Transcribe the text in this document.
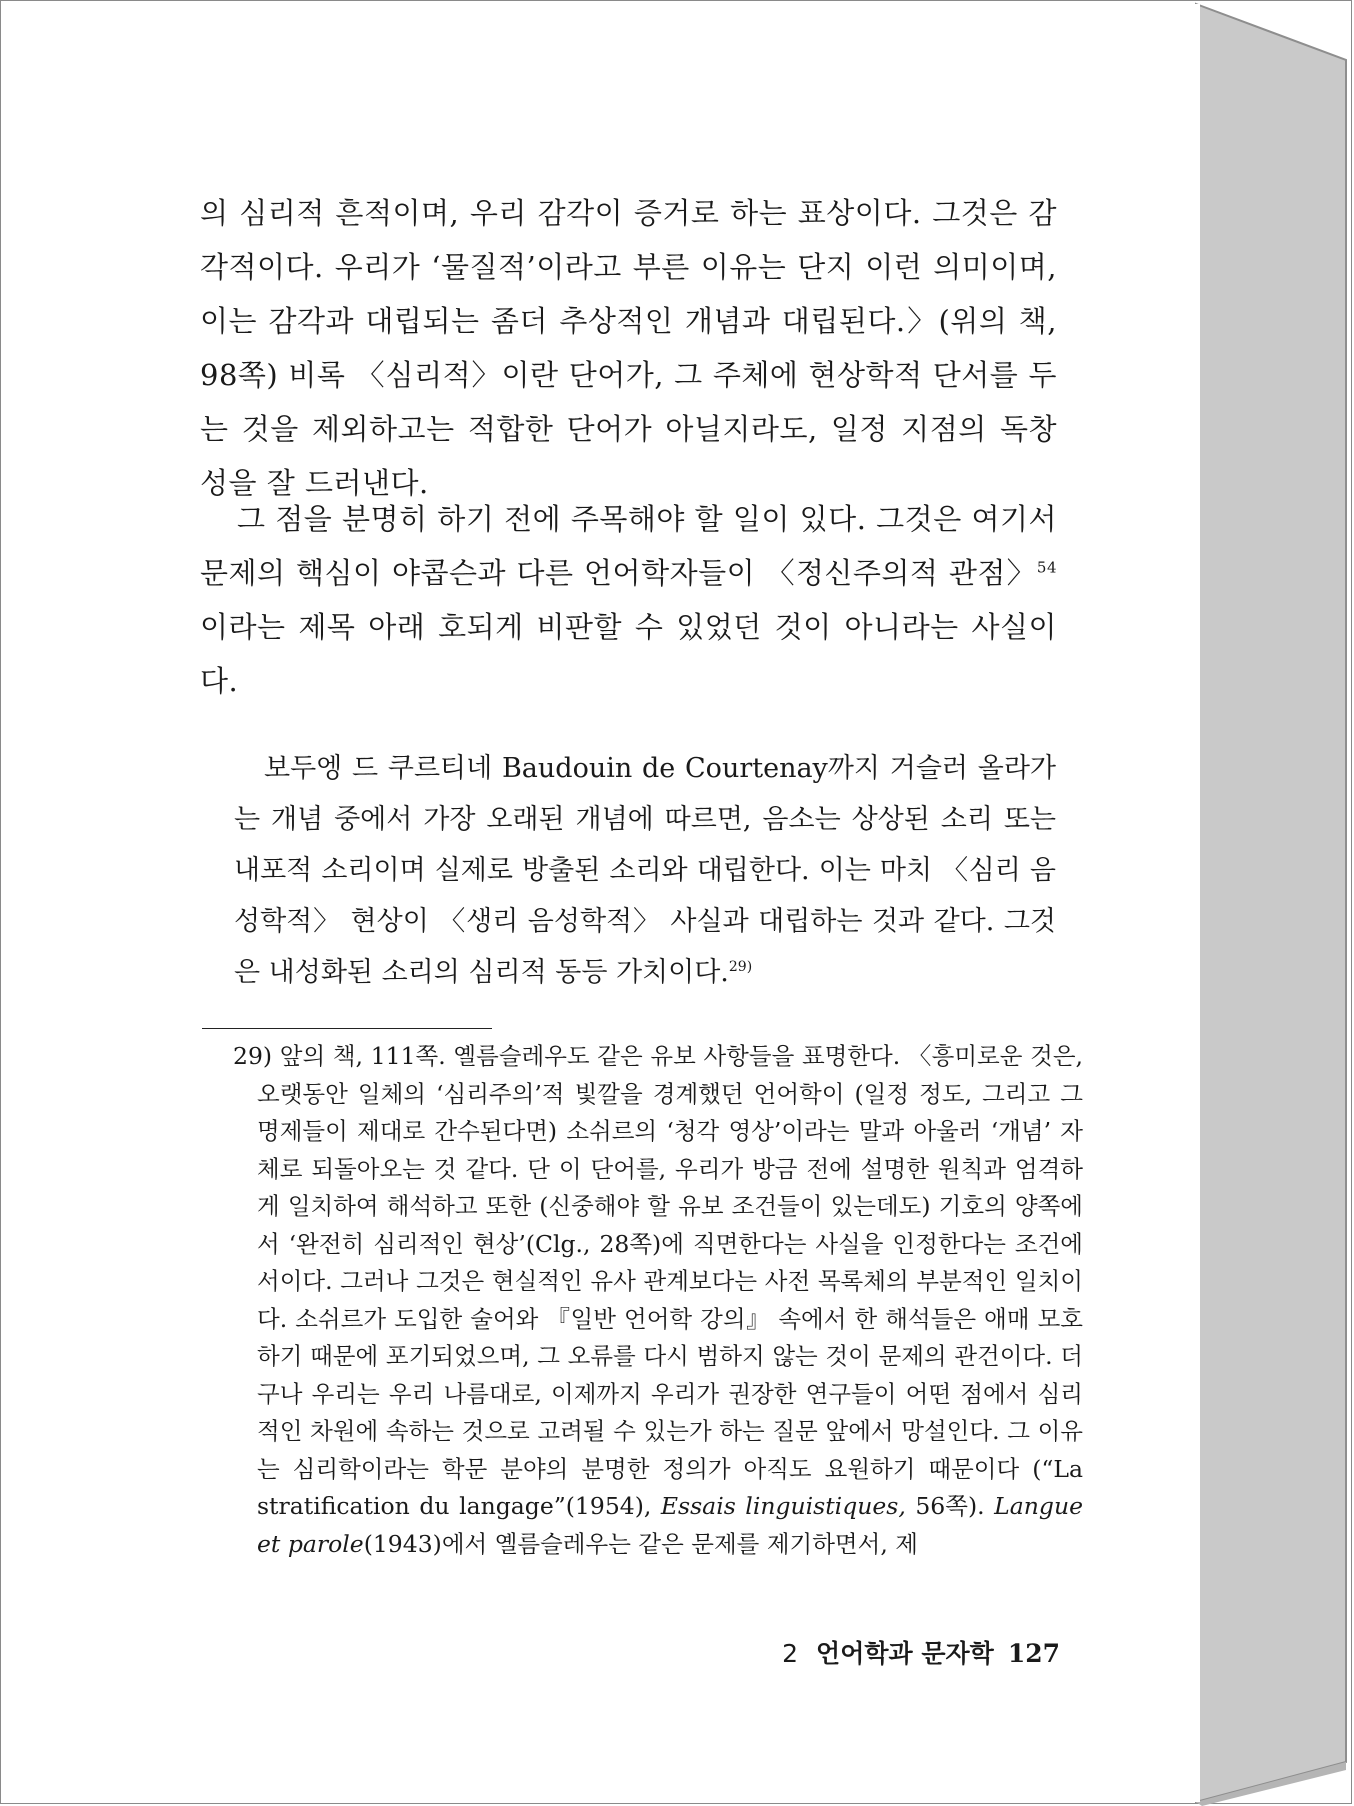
의 심리적 흔적이며, 우리 감각이 증거로 하는 표상이다. 그것은 감각적이다. 우리가 ‘물질적’이라고 부른 이유는 단지 이런 의미이며, 이는 감각과 대립되는 좀더 추상적인 개념과 대립된다.〉(위의 책, 98쪽) 비록 〈심리적〉이란 단어가, 그 주체에 현상학적 단서를 두는 것을 제외하고는 적합한 단어가 아닐지라도, 일정 지점의 독창성을 잘 드러낸다.

그 점을 분명히 하기 전에 주목해야 할 일이 있다. 그것은 여기서 문제의 핵심이 야콥슨과 다른 언어학자들이 〈정신주의적 관점〉$^{54}$이라는 제목 아래 호되게 비판할 수 있었던 것이 아니라는 사실이다.

보두엥 드 쿠르티네 Baudouin de Courtenay까지 거슬러 올라가는 개념 중에서 가장 오래된 개념에 따르면, 음소는 상상된 소리 또는 내포적 소리이며 실제로 방출된 소리와 대립한다. 이는 마치 〈심리 음성학적〉 현상이 〈생리 음성학적〉 사실과 대립하는 것과 같다. 그것은 내성화된 소리의 심리적 동등 가치이다.$^{29)}$

29) 앞의 책, 111쪽. 옐름슬레우도 같은 유보 사항들을 표명한다. 〈흥미로운 것은, 오랫동안 일체의 ‘심리주의’적 빛깔을 경계했던 언어학이 (일정 정도, 그리고 그 명제들이 제대로 간수된다면) 소쉬르의 ‘청각 영상’이라는 말과 아울러 ‘개념’ 자체로 되돌아오는 것 같다. 단 이 단어를, 우리가 방금 전에 설명한 원칙과 엄격하게 일치하여 해석하고 또한 (신중해야 할 유보 조건들이 있는데도) 기호의 양쪽에서 ‘완전히 심리적인 현상’(Clg., 28쪽)에 직면한다는 사실을 인정한다는 조건에서이다. 그러나 그것은 현실적인 유사 관계보다는 사전 목록체의 부분적인 일치이다. 소쉬르가 도입한 술어와 『일반 언어학 강의』 속에서 한 해석들은 애매 모호하기 때문에 포기되었으며, 그 오류를 다시 범하지 않는 것이 문제의 관건이다. 더구나 우리는 우리 나름대로, 이제까지 우리가 권장한 연구들이 어떤 점에서 심리적인 차원에 속하는 것으로 고려될 수 있는가 하는 질문 앞에서 망설인다. 그 이유는 심리학이라는 학문 분야의 분명한 정의가 아직도 요원하기 때문이다 (“La stratification du langage”(1954), Essais linguistiques, 56쪽). Langue et parole(1943)에서 옐름슬레우는 같은 문제를 제기하면서, 제

2 언어학과 문자학 127
